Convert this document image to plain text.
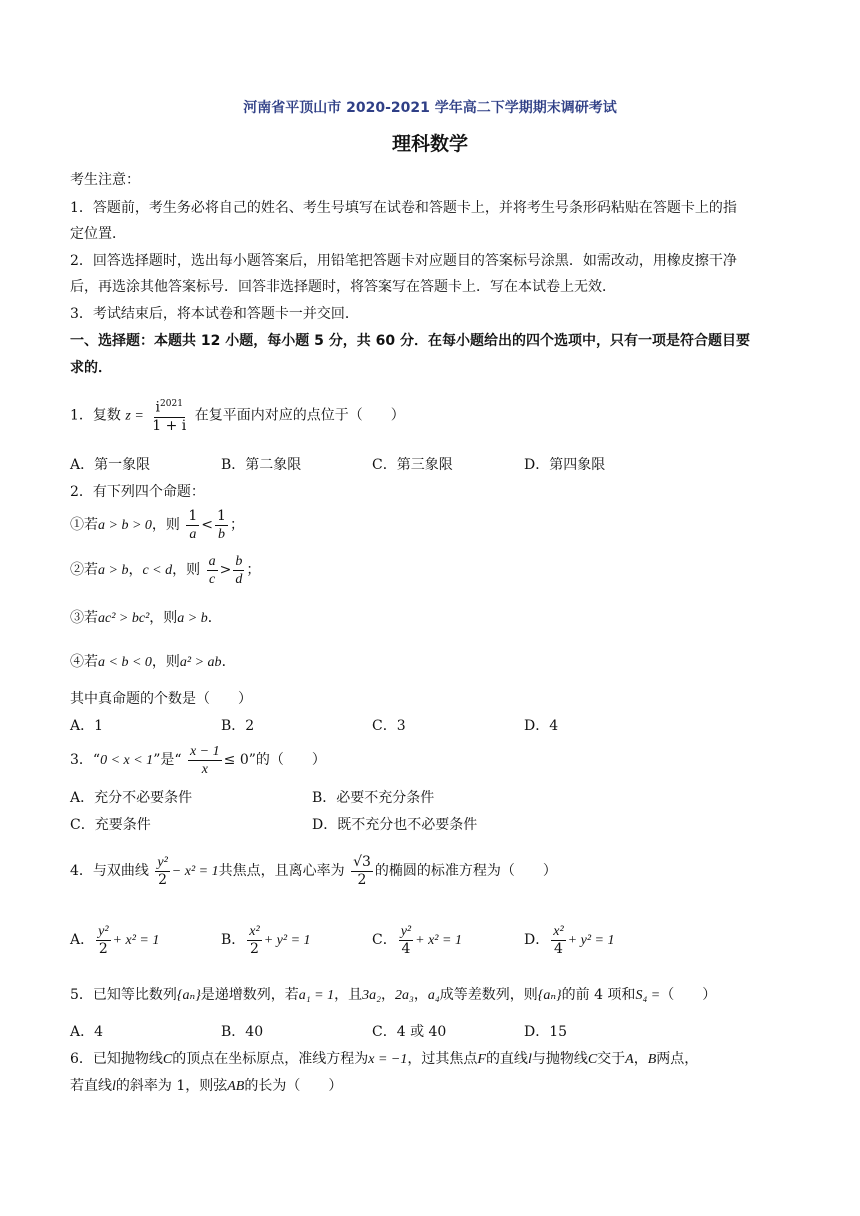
河南省平顶山市 2020-2021 学年高二下学期期末调研考试
理科数学
考生注意：
1．答题前，考生务必将自己的姓名、考生号填写在试卷和答题卡上，并将考生号条形码粘贴在答题卡上的指
定位置．
2．回答选择题时，选出每小题答案后，用铅笔把答题卡对应题目的答案标号涂黑．如需改动，用橡皮擦干净
后，再选涂其他答案标号．回答非选择题时，将答案写在答题卡上．写在本试卷上无效．
3．考试结束后，将本试卷和答题卡一并交回．
一、选择题：本题共 12 小题，每小题 5 分，共 60 分．在每小题给出的四个选项中，只有一项是符合题目要
求的．
1．复数 $z = \frac{i^{2021}}{1 + i}$ 在复平面内对应的点位于（　　）
A．第一象限	B．第二象限	C．第三象限	D．第四象限
2．有下列四个命题：
①若a > b > 0，则 $\frac{1}{a} < \frac{1}{b}$ ；
②若a > b，c < d，则 $\frac{a}{c} > \frac{b}{d}$ ；
③若ac² > bc²，则a > b．
④若a < b < 0，则a² > ab．
其中真命题的个数是（　　）
A．1	B．2	C．3	D．4
3．“0 < x < 1”是“ $\frac{x - 1}{x} \le 0$”的（　　）
A．充分不必要条件	B．必要不充分条件
C．充要条件	D．既不充分也不必要条件
4．与双曲线 $\frac{\text{y²}}{2} - x^2 = 1$共焦点，且离心率为 $\frac{√3}{2}$ 的椭圆的标准方程为（　　）
A． $\frac{\text{y²}}{2} + x^2 = 1$	B． $\frac{\text{x²}}{2} + y^2 = 1$	C． $\frac{\text{y²}}{4} + x^2 = 1$	D． $\frac{\text{x²}}{4} + y^2 = 1$
5．已知等比数列{aₙ}是递增数列，若a₁ = 1，且3a₂，2a₃，a₄成等差数列，则{aₙ}的前 4 项和S₄ =（　　）
A．4	B．40	C．4 或 40	D．15
6．已知抛物线C的顶点在坐标原点，准线方程为x = −1，过其焦点F的直线l与抛物线C交于A，B两点，
若直线l的斜率为 1，则弦AB的长为（　　）
